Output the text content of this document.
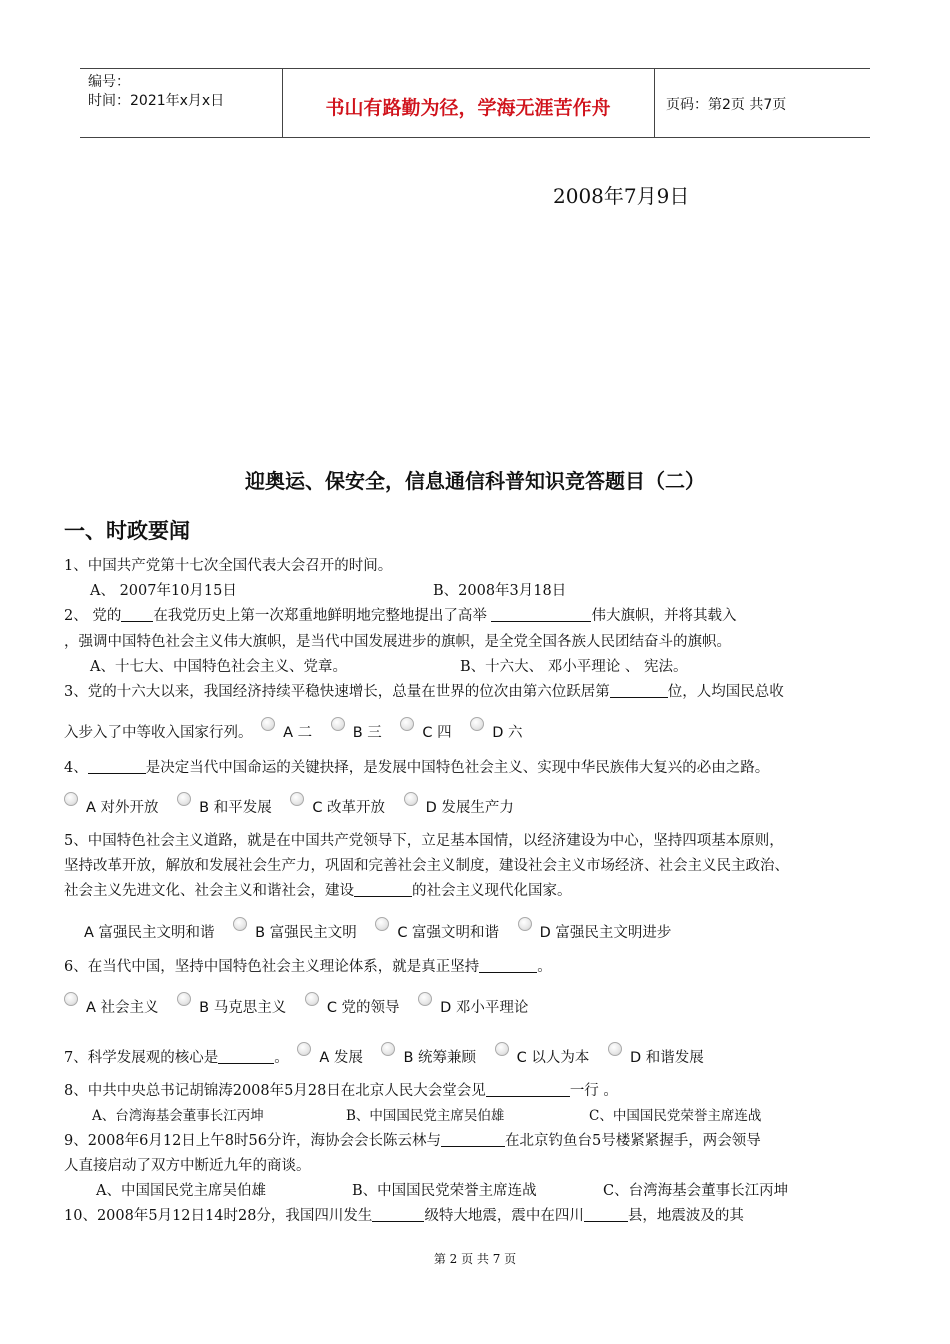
编号：
时间：2021年x月x日	书山有路勤为径，学海无涯苦作舟	页码：第2页 共7页
2008年7月9日
迎奥运、保安全，信息通信科普知识竞答题目（二）
一、时政要闻
1、中国共产党第十七次全国代表大会召开的时间。
A、 2007年10月15日	B、2008年3月18日
2、 党的 在我党历史上第一次郑重地鲜明地完整地提出了高举	伟大旗帜，并将其载入
，强调中国特色社会主义伟大旗帜，是当代中国发展进步的旗帜，是全党全国各族人民团结奋斗的旗帜。
A、十七大、中国特色社会主义、党章。	B、十六大、 邓小平理论 、 宪法。
3、党的十六大以来，我国经济持续平稳快速增长，总量在世界的位次由第六位跃居第	位，人均国民总收
入步入了中等收入国家行列。 A 二	B 三	C 四	D 六
4、	是决定当代中国命运的关键抉择，是发展中国特色社会主义、实现中华民族伟大复兴的必由之路。
A 对外开放	B 和平发展	C 改革开放	D 发展生产力
5、中国特色社会主义道路，就是在中国共产党领导下，立足基本国情，以经济建设为中心，坚持四项基本原则，
坚持改革开放，解放和发展社会生产力，巩固和完善社会主义制度，建设社会主义市场经济、社会主义民主政治、
社会主义先进文化、社会主义和谐社会，建设	的社会主义现代化国家。
A 富强民主文明和谐	B 富强民主文明	C 富强文明和谐	D 富强民主文明进步
6、在当代中国，坚持中国特色社会主义理论体系，就是真正坚持	。
A 社会主义	B 马克思主义	C 党的领导	D 邓小平理论
7、科学发展观的核心是	。 A 发展	B 统筹兼顾	C 以人为本	D 和谐发展
8、中共中央总书记胡锦涛2008年5月28日在北京人民大会堂会见	一行 。
A、台湾海基会董事长江丙坤	B、中国国民党主席吴伯雄	C、中国国民党荣誉主席连战
9、2008年6月12日上午8时56分许，海协会会长陈云林与	在北京钓鱼台5号楼紧紧握手，两会领导
人直接启动了双方中断近九年的商谈。
A、中国国民党主席吴伯雄	B、中国国民党荣誉主席连战	C、台湾海基会董事长江丙坤
10、2008年5月12日14时28分，我国四川发生	级特大地震，震中在四川	县，地震波及的其
第 2 页 共 7 页
